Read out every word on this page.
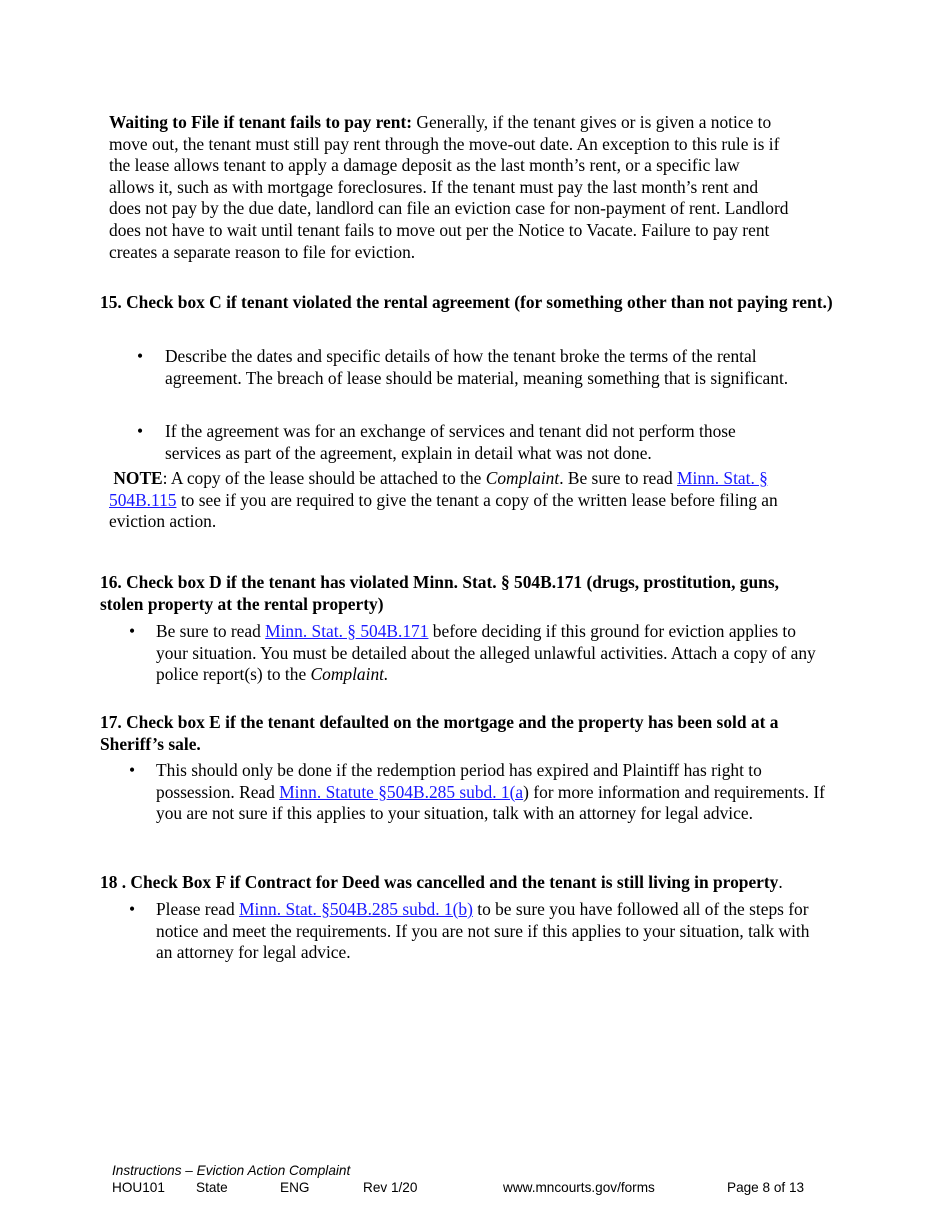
Waiting to File if tenant fails to pay rent: Generally, if the tenant gives or is given a notice to move out, the tenant must still pay rent through the move-out date. An exception to this rule is if the lease allows tenant to apply a damage deposit as the last month’s rent, or a specific law allows it, such as with mortgage foreclosures. If the tenant must pay the last month’s rent and does not pay by the due date, landlord can file an eviction case for non-payment of rent. Landlord does not have to wait until tenant fails to move out per the Notice to Vacate. Failure to pay rent creates a separate reason to file for eviction.

15. Check box C if tenant violated the rental agreement (for something other than not paying rent.)

•	Describe the dates and specific details of how the tenant broke the terms of the rental agreement. The breach of lease should be material, meaning something that is significant.
•	If the agreement was for an exchange of services and tenant did not perform those services as part of the agreement, explain in detail what was not done.

NOTE: A copy of the lease should be attached to the Complaint. Be sure to read Minn. Stat. § 504B.115 to see if you are required to give the tenant a copy of the written lease before filing an eviction action.

16. Check box D if the tenant has violated Minn. Stat. § 504B.171 (drugs, prostitution, guns, stolen property at the rental property)

•	Be sure to read Minn. Stat. § 504B.171 before deciding if this ground for eviction applies to your situation. You must be detailed about the alleged unlawful activities. Attach a copy of any police report(s) to the Complaint.

17. Check box E if the tenant defaulted on the mortgage and the property has been sold at a Sheriff’s sale.

•	This should only be done if the redemption period has expired and Plaintiff has right to possession. Read Minn. Statute §504B.285 subd. 1(a) for more information and requirements. If you are not sure if this applies to your situation, talk with an attorney for legal advice.

18 . Check Box F if Contract for Deed was cancelled and the tenant is still living in property.

•	Please read Minn. Stat. §504B.285 subd. 1(b) to be sure you have followed all of the steps for notice and meet the requirements. If you are not sure if this applies to your situation, talk with an attorney for legal advice.
Instructions – Eviction Action Complaint
HOU101 State	ENG	Rev 1/20	www.mncourts.gov/forms	Page 8 of 13
